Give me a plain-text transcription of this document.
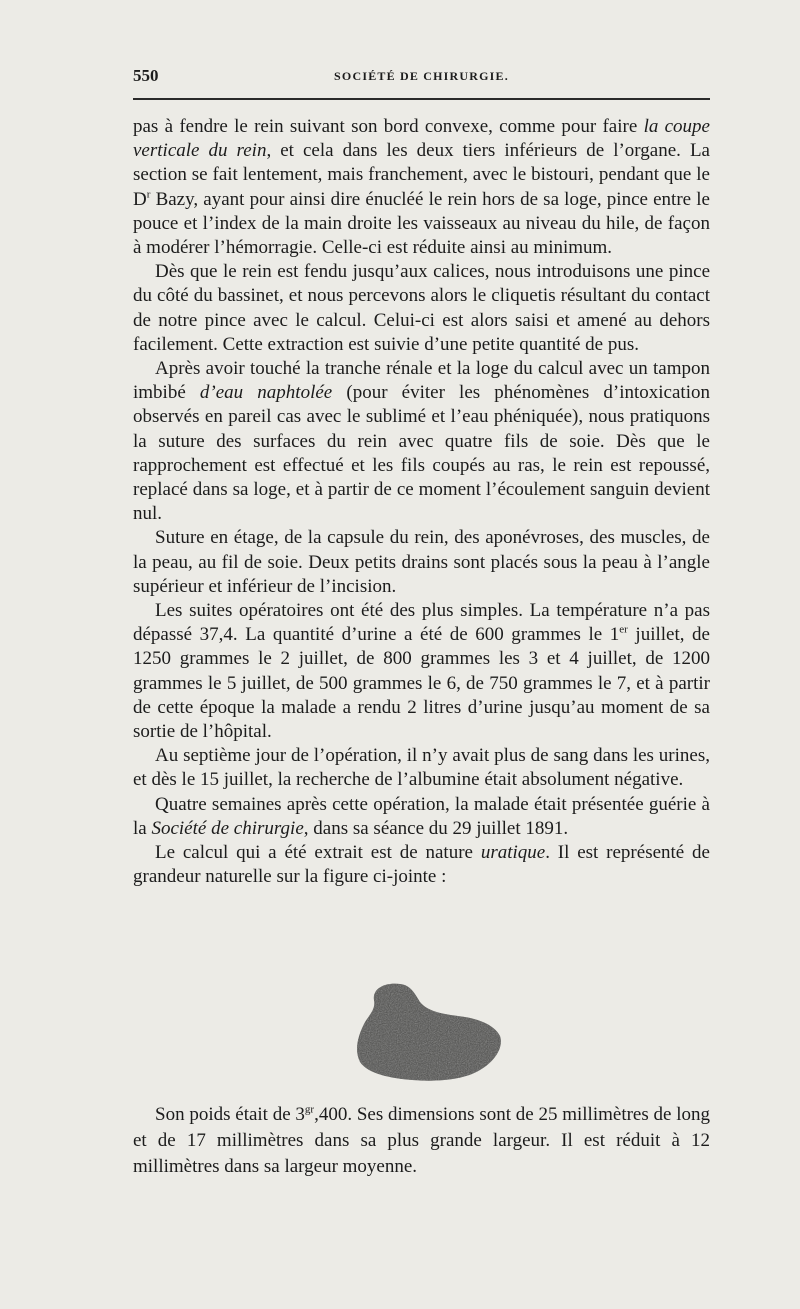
550	SOCIÉTÉ DE CHIRURGIE.

pas à fendre le rein suivant son bord convexe, comme pour faire la coupe verticale du rein, et cela dans les deux tiers inférieurs de l’organe. La section se fait lentement, mais franchement, avec le bistouri, pendant que le $D^r$ Bazy, ayant pour ainsi dire énucléé le rein hors de sa loge, pince entre le pouce et l’index de la main droite les vaisseaux au niveau du hile, de façon à modérer l’hémorragie. Celle-ci est réduite ainsi au minimum.

Dès que le rein est fendu jusqu’aux calices, nous introduisons une pince du côté du bassinet, et nous percevons alors le cliquetis résultant du contact de notre pince avec le calcul. Celui-ci est alors saisi et amené au dehors facilement. Cette extraction est suivie d’une petite quantité de pus.

Après avoir touché la tranche rénale et la loge du calcul avec un tampon imbibé d’eau naphtolée (pour éviter les phénomènes d’intoxication observés en pareil cas avec le sublimé et l’eau phéniquée), nous pratiquons la suture des surfaces du rein avec quatre fils de soie. Dès que le rapprochement est effectué et les fils coupés au ras, le rein est repoussé, replacé dans sa loge, et à partir de ce moment l’écoulement sanguin devient nul.

Suture en étage, de la capsule du rein, des aponévroses, des muscles, de la peau, au fil de soie. Deux petits drains sont placés sous la peau à l’angle supérieur et inférieur de l’incision.

Les suites opératoires ont été des plus simples. La température n’a pas dépassé 37,4. La quantité d’urine a été de 600 grammes le 1er juillet, de 1250 grammes le 2 juillet, de 800 grammes les 3 et 4 juillet, de 1200 grammes le 5 juillet, de 500 grammes le 6, de 750 grammes le 7, et à partir de cette époque la malade a rendu 2 litres d’urine jusqu’au moment de sa sortie de l’hôpital.

Au septième jour de l’opération, il n’y avait plus de sang dans les urines, et dès le 15 juillet, la recherche de l’albumine était absolument négative.

Quatre semaines après cette opération, la malade était présentée guérie à la Société de chirurgie, dans sa séance du 29 juillet 1891.

Le calcul qui a été extrait est de nature uratique. Il est représenté de grandeur naturelle sur la figure ci-jointe :

Son poids était de $3^{gr},400$. Ses dimensions sont de 25 millimètres de long et de 17 millimètres dans sa plus grande largeur. Il est réduit à 12 millimètres dans sa largeur moyenne.
